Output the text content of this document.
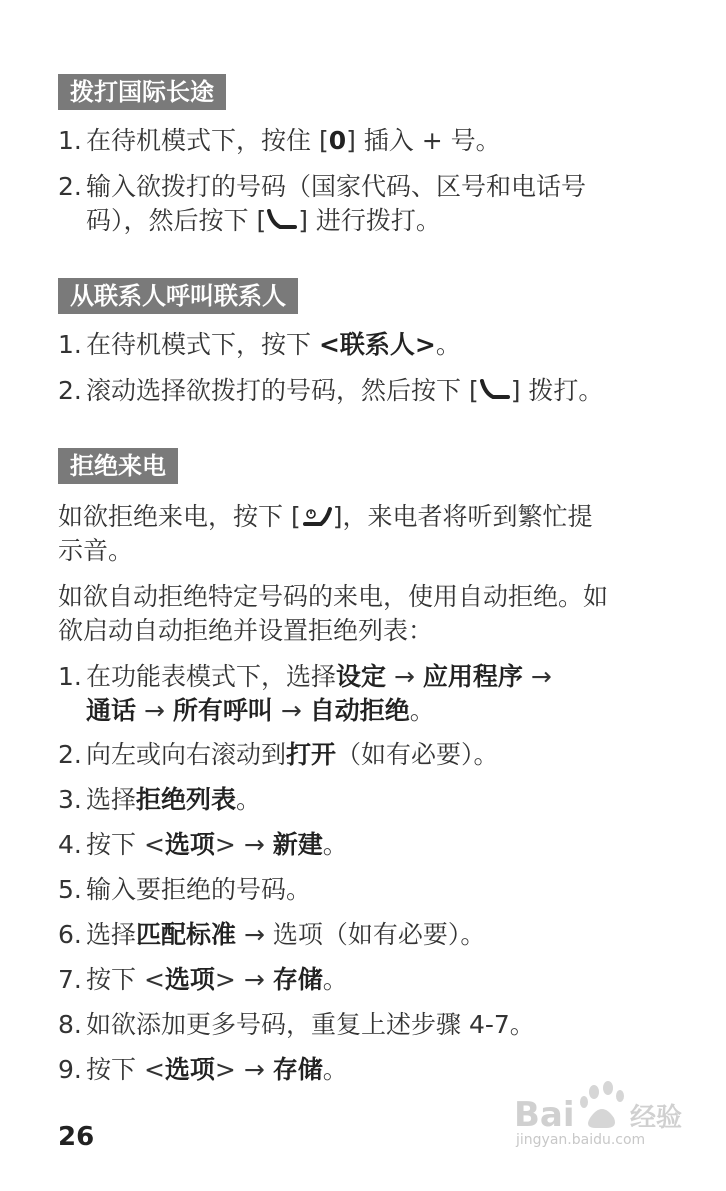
拨打国际长途
1. 在待机模式下，按住 [0] 插入 + 号。
2. 输入欲拨打的号码（国家代码、区号和电话号
码），然后按下 [ ] 进行拨打。
从联系人呼叫联系人
1. 在待机模式下，按下 <联系人>。
2. 滚动选择欲拨打的号码，然后按下 [ ] 拨打。
拒绝来电
如欲拒绝来电，按下 [ ]，来电者将听到繁忙提
示音。
如欲自动拒绝特定号码的来电，使用自动拒绝。如
欲启动自动拒绝并设置拒绝列表：
1. 在功能表模式下，选择设定 → 应用程序 →
通话 → 所有呼叫 → 自动拒绝。
2. 向左或向右滚动到打开（如有必要）。
3. 选择拒绝列表。
4. 按下 <选项> → 新建。
5. 输入要拒绝的号码。
6. 选择匹配标准 → 选项（如有必要）。
7. 按下 <选项> → 存储。
8. 如欲添加更多号码，重复上述步骤 4-7。
9. 按下 <选项> → 存储。
26
Bai 经验
jingyan.baidu.com
